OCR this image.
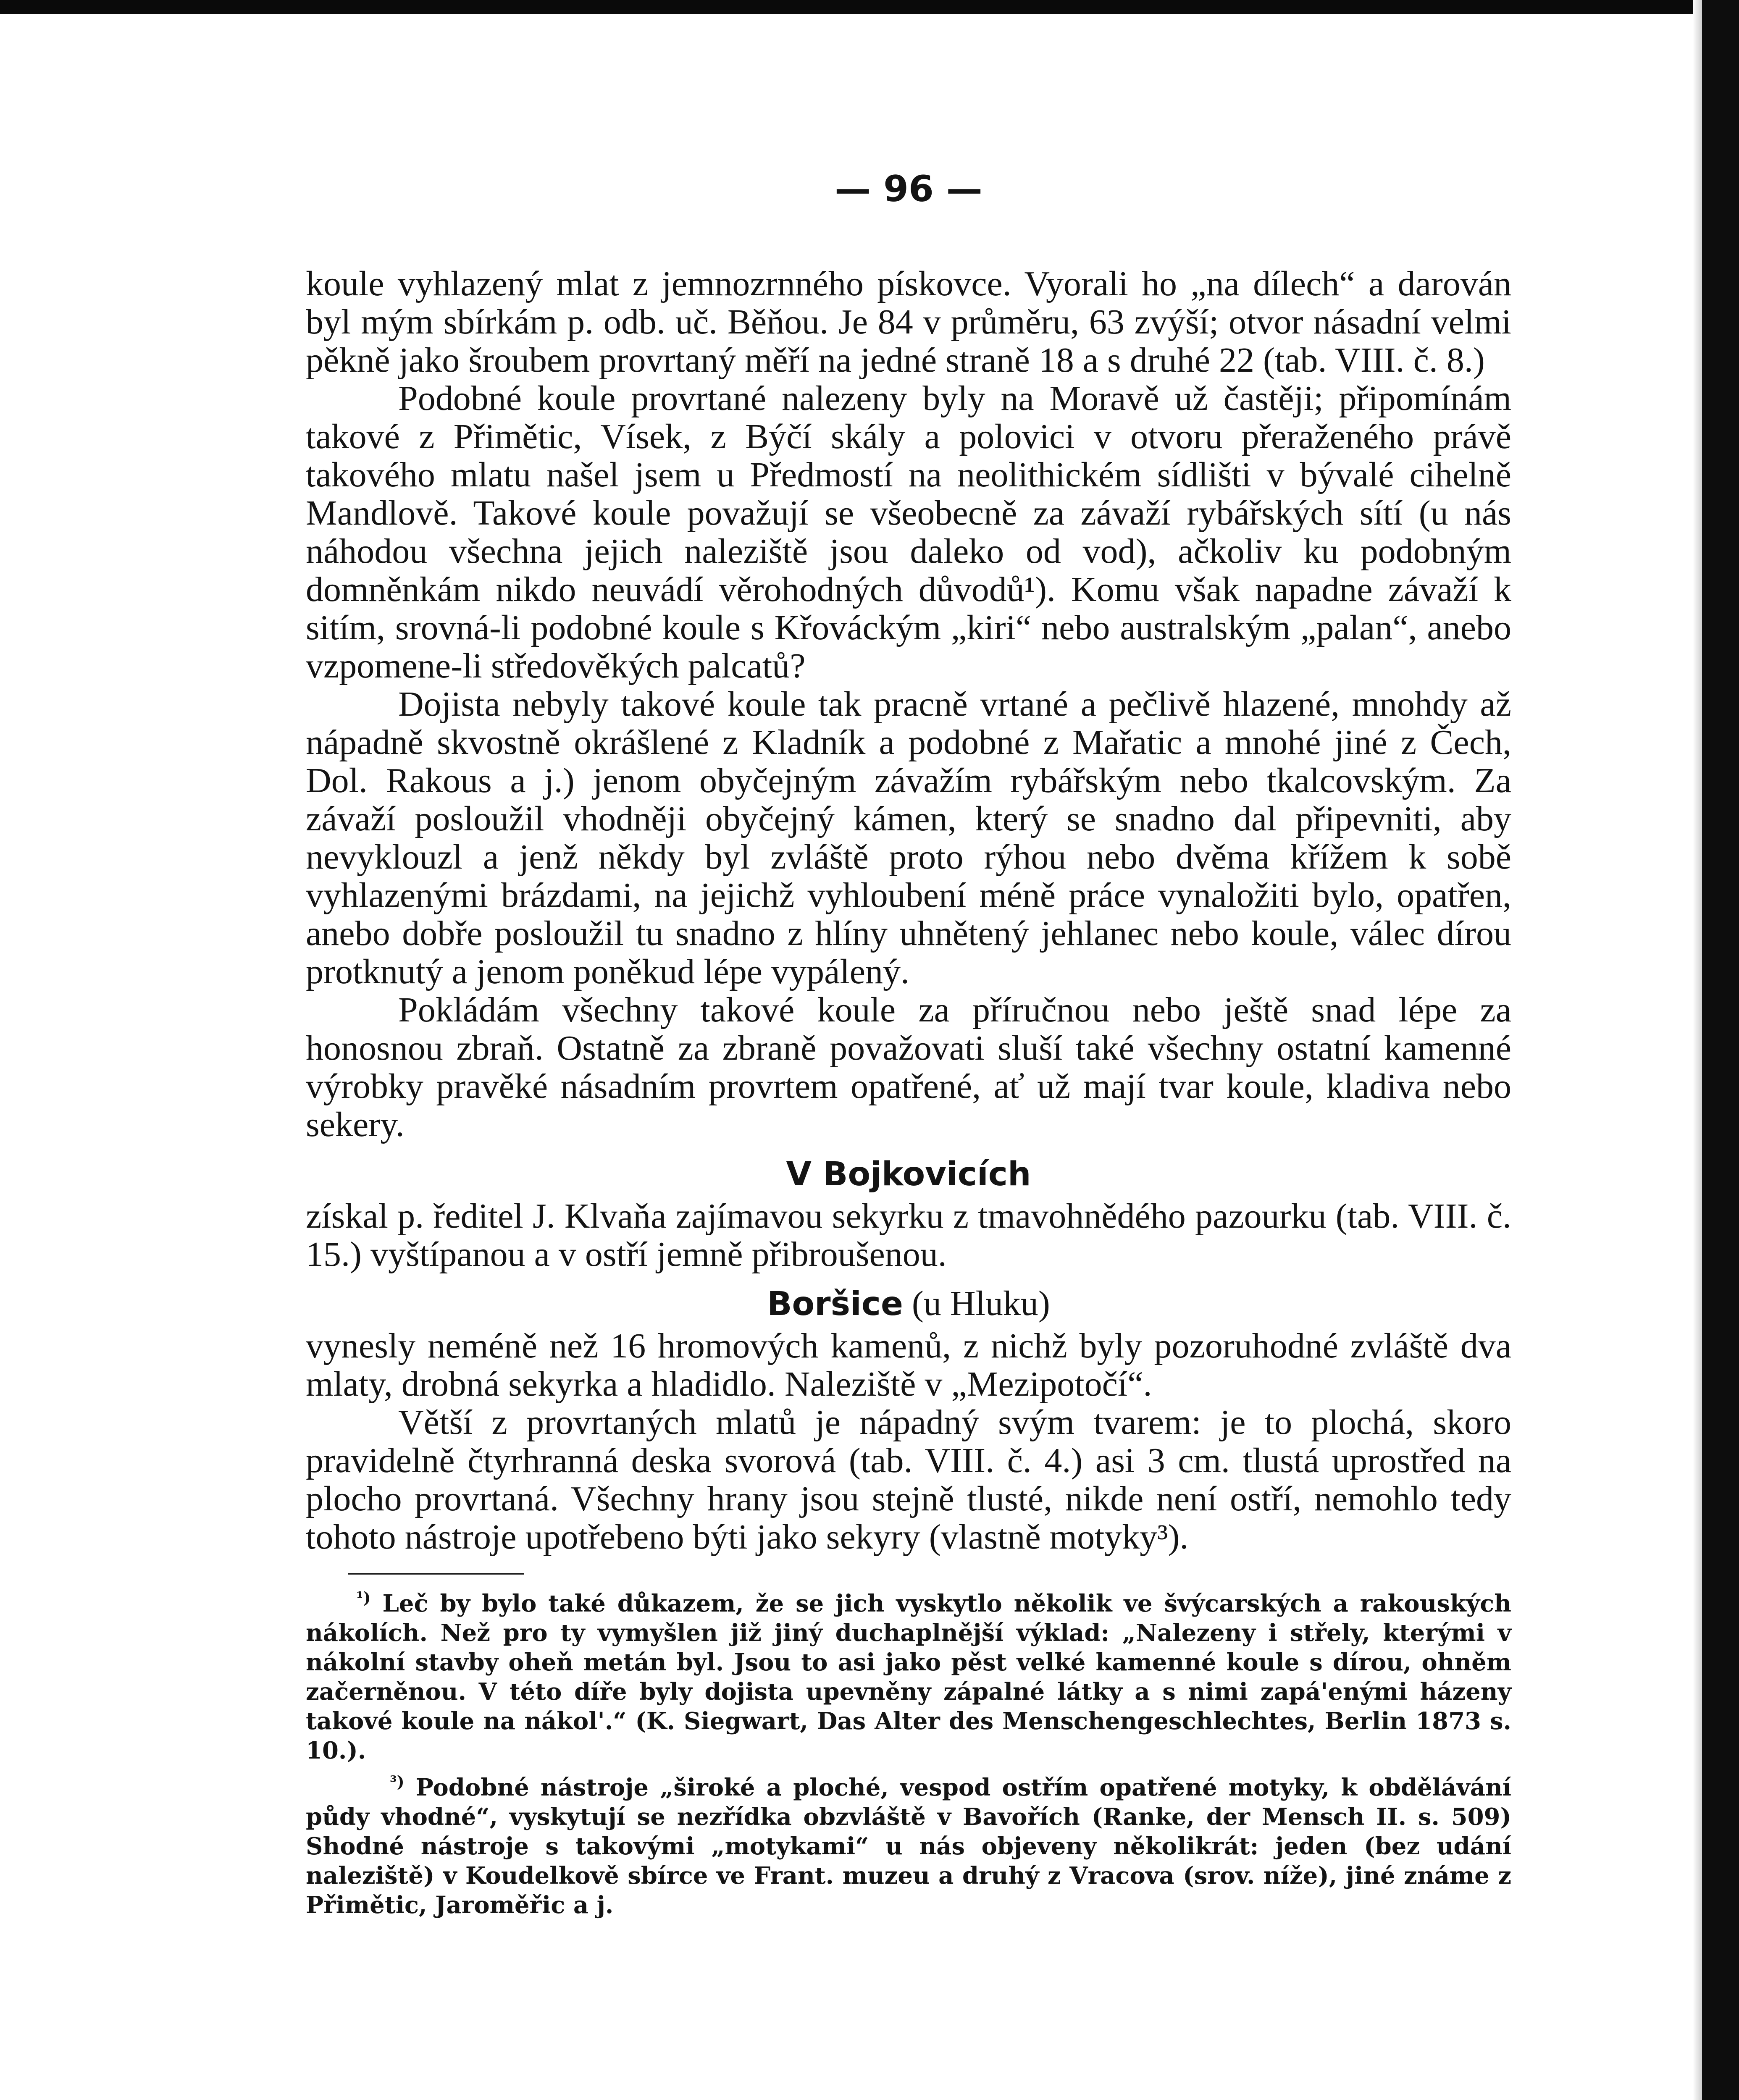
— 96 —

koule vyhlazený mlat z jemnozrnného pískovce. Vyorali ho „na dílech“ a darován byl mým sbírkám p. odb. uč. Běňou. Je 84 v průměru, 63 zvýší; otvor násadní velmi pěkně jako šroubem provrtaný měří na jedné straně 18 a s druhé 22 (tab. VIII. č. 8.)

Podobné koule provrtané nalezeny byly na Moravě už častěji; připomínám takové z Přimětic, Vísek, z Býčí skály a polovici v otvoru přeraženého právě takového mlatu našel jsem u Předmostí na neolithickém sídlišti v bývalé cihelně Mandlově. Takové koule považují se všeobecně za závaží rybářských sítí (u nás náhodou všechna jejich naleziště jsou daleko od vod), ačkoliv ku podobným domněnkám nikdo neuvádí věrohodných důvodů¹). Komu však napadne závaží k sitím, srovná-li podobné koule s Křováckým „kiri“ nebo australským „palan“, anebo vzpomene-li středověkých palcatů?

Dojista nebyly takové koule tak pracně vrtané a pečlivě hlazené, mnohdy až nápadně skvostně okrášlené z Kladník a podobné z Mařatic a mnohé jiné z Čech, Dol. Rakous a j.) jenom obyčejným závažím rybářským nebo tkalcovským. Za závaží posloužil vhodněji obyčejný kámen, který se snadno dal připevniti, aby nevyklouzl a jenž někdy byl zvláště proto rýhou nebo dvěma křížem k sobě vyhlazenými brázdami, na jejichž vyhloubení méně práce vynaložiti bylo, opatřen, anebo dobře posloužil tu snadno z hlíny uhnětený jehlanec nebo koule, válec dírou protknutý a jenom poněkud lépe vypálený.

Pokládám všechny takové koule za příručnou nebo ještě snad lépe za honosnou zbraň. Ostatně za zbraně považovati sluší také všechny ostatní kamenné výrobky pravěké násadním provrtem opatřené, ať už mají tvar koule, kladiva nebo sekery.

V Bojkovicích

získal p. ředitel J. Klvaňa zajímavou sekyrku z tmavohnědého pazourku (tab. VIII. č. 15.) vyštípanou a v ostří jemně přibroušenou.

Boršice (u Hluku)

vynesly neméně než 16 hromových kamenů, z nichž byly pozoruhodné zvláště dva mlaty, drobná sekyrka a hladidlo. Naleziště v „Mezipotočí“.

Větší z provrtaných mlatů je nápadný svým tvarem: je to plochá, skoro pravidelně čtyrhranná deska svorová (tab. VIII. č. 4.) asi 3 cm. tlustá uprostřed na plocho provrtaná. Všechny hrany jsou stejně tlusté, nikde není ostří, nemohlo tedy tohoto nástroje upotřebeno býti jako sekyry (vlastně motyky³).

$^{^1)}$ Leč by bylo také důkazem, že se jich vyskytlo několik ve švýcarských a rakouských nákolích. Než pro ty vymyšlen již jiný duchaplnější výklad: „Nalezeny i střely, kterými v nákolní stavby oheň metán byl. Jsou to asi jako pěst velké kamenné koule s dírou, ohněm začerněnou. V této díře byly dojista upevněny zápalné látky a s nimi zapá'enými házeny takové koule na nákol'.“ (K. Siegwart, Das Alter des Menschengeschlechtes, Berlin 1873 s. 10.).

$^{^3)}$ Podobné nástroje „široké a ploché, vespod ostřím opatřené motyky, k obdělávání půdy vhodné“, vyskytují se nezřídka obzvláště v Bavořích (Ranke, der Mensch II. s. 509) Shodné nástroje s takovými „motykami“ u nás objeveny několikrát: jeden (bez udání naleziště) v Koudelkově sbírce ve Frant. muzeu a druhý z Vracova (srov. níže), jiné známe z Přimětic, Jaroměřic a j.
